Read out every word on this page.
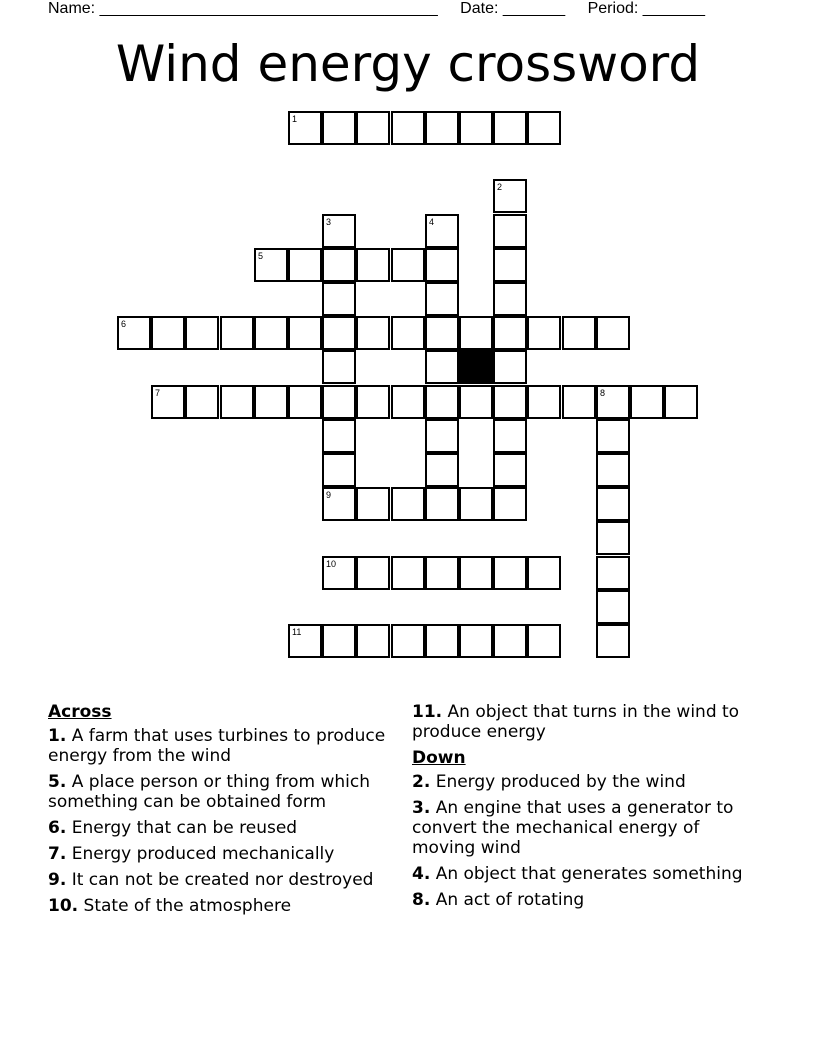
Name: ______________________________________ Date: _______ Period: _______
Wind energy crossword
1
2
3	4
5
6
7	8
9
10
11
Across
1. A farm that uses turbines to produce energy from the wind
5. A place person or thing from which something can be obtained form
6. Energy that can be reused
7. Energy produced mechanically
9. It can not be created nor destroyed
10. State of the atmosphere
11. An object that turns in the wind to produce energy
Down
2. Energy produced by the wind
3. An engine that uses a generator to convert the mechanical energy of moving wind
4. An object that generates something
8. An act of rotating
